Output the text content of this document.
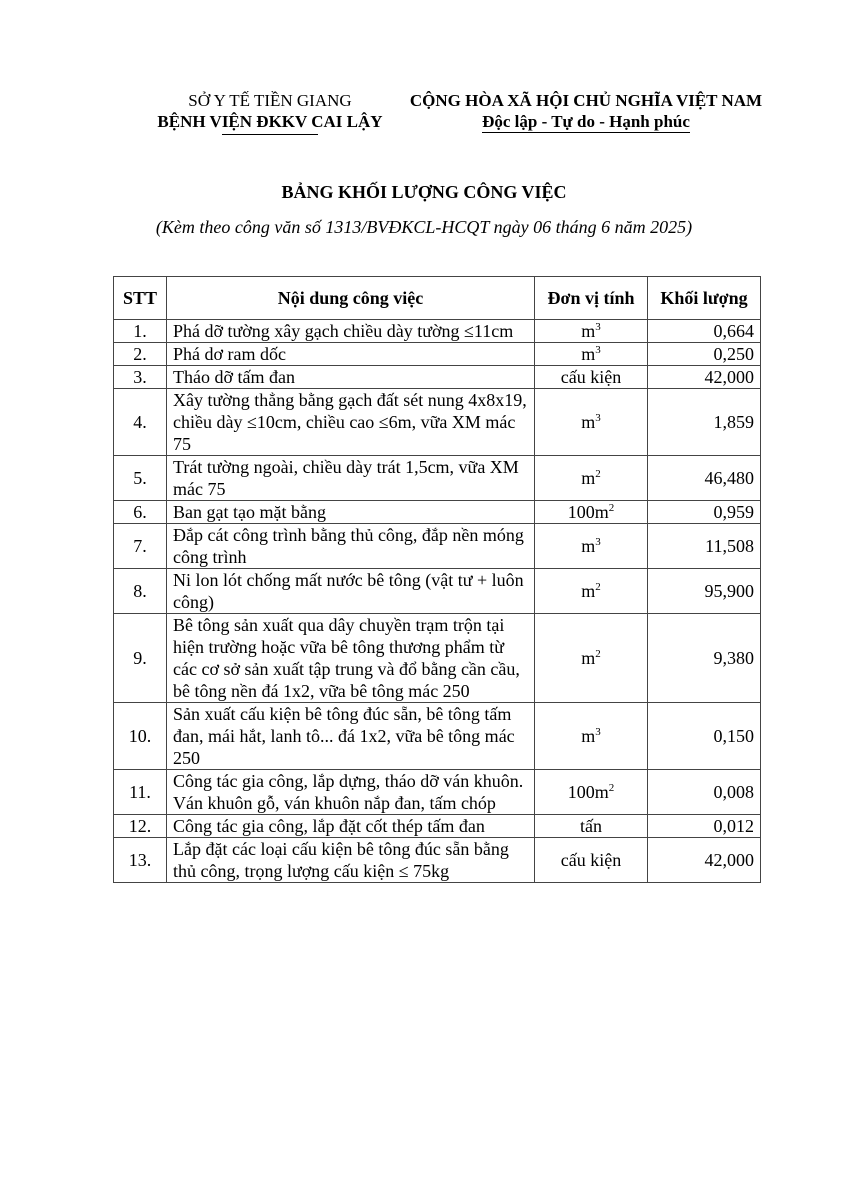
SỞ Y TẾ TIỀN GIANG
BỆNH VIỆN ĐKKV CAI LẬY
CỘNG HÒA XÃ HỘI CHỦ NGHĨA VIỆT NAM
Độc lập - Tự do - Hạnh phúc
BẢNG KHỐI LƯỢNG CÔNG VIỆC
(Kèm theo công văn số 1313/BVĐKCL-HCQT ngày 06 tháng 6 năm 2025)
STT	Nội dung công việc	Đơn vị tính	Khối lượng
1.	Phá dỡ tường xây gạch chiều dày tường ≤11cm	$m^3$	0,664
2.	Phá dơ ram dốc	$m^3$	0,250
3.	Tháo dỡ tấm đan	cấu kiện	42,000
4.	Xây tường thẳng bằng gạch đất sét nung 4x8x19, chiều dày ≤10cm, chiều cao ≤6m, vữa XM mác 75	$m^3$	1,859
5.	Trát tường ngoài, chiều dày trát 1,5cm, vữa XM mác 75	$m^2$	46,480
6.	Ban gạt tạo mặt bằng	$100m^2$	0,959
7.	Đắp cát công trình bằng thủ công, đắp nền móng công trình	$m^3$	11,508
8.	Ni lon lót chống mất nước bê tông (vật tư + luôn công)	$m^2$	95,900
9.	Bê tông sản xuất qua dây chuyền trạm trộn tại hiện trường hoặc vữa bê tông thương phẩm từ các cơ sở sản xuất tập trung và đổ bằng cần cầu, bê tông nền đá 1x2, vữa bê tông mác 250	$m^2$	9,380
10.	Sản xuất cấu kiện bê tông đúc sẵn, bê tông tấm đan, mái hắt, lanh tô... đá 1x2, vữa bê tông mác 250	$m^3$	0,150
11.	Công tác gia công, lắp dựng, tháo dỡ ván khuôn. Ván khuôn gỗ, ván khuôn nắp đan, tấm chóp	$100m^2$	0,008
12.	Công tác gia công, lắp đặt cốt thép tấm đan	tấn	0,012
13.	Lắp đặt các loại cấu kiện bê tông đúc sẵn bằng thủ công, trọng lượng cấu kiện ≤ 75kg	cấu kiện	42,000
